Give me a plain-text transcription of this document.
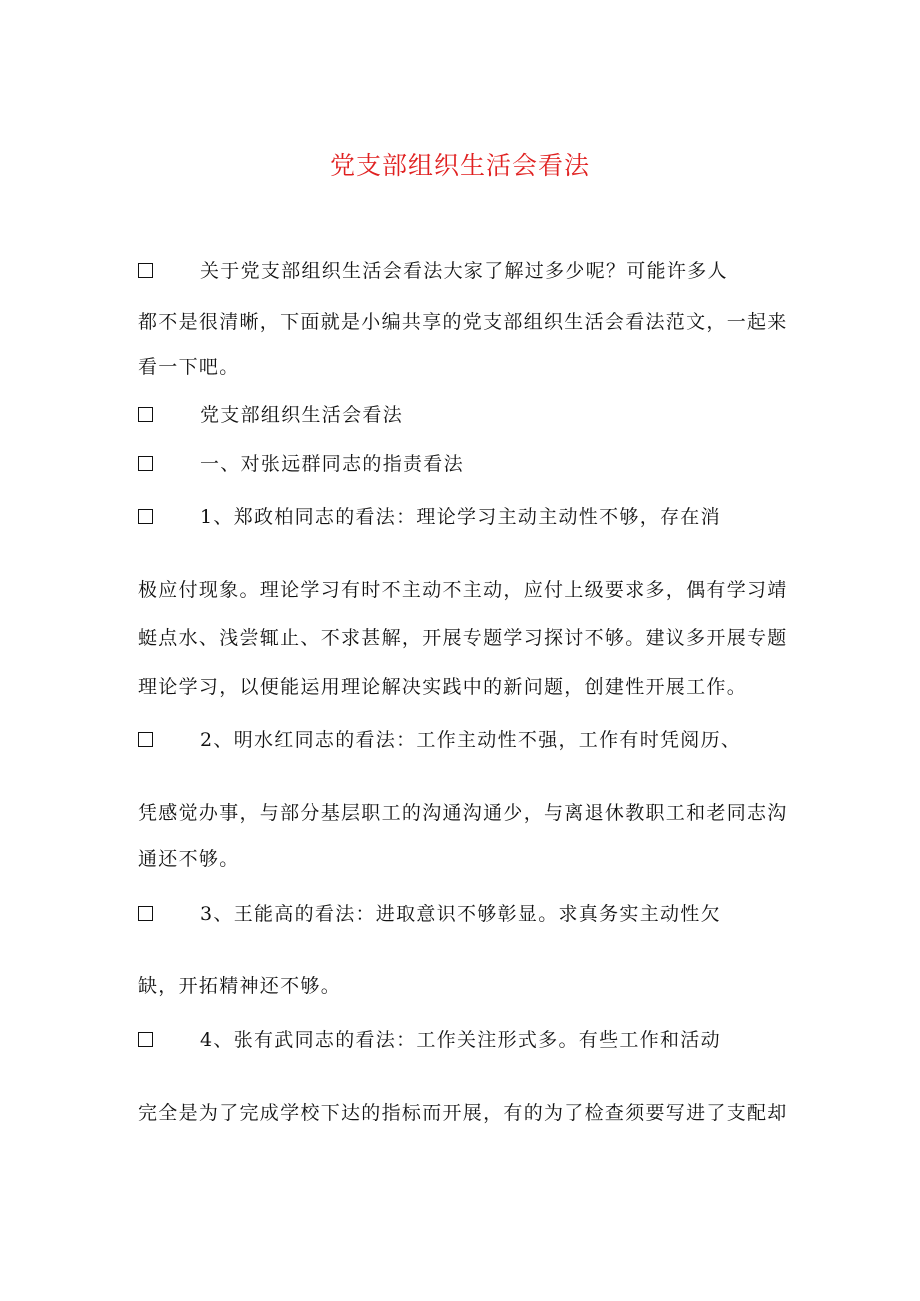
党支部组织生活会看法
关于党支部组织生活会看法大家了解过多少呢？可能许多人
都不是很清晰，下面就是小编共享的党支部组织生活会看法范文，一起来
看一下吧。
党支部组织生活会看法
一、对张远群同志的指责看法
1、郑政柏同志的看法：理论学习主动主动性不够，存在消
极应付现象。理论学习有时不主动不主动，应付上级要求多，偶有学习靖
蜓点水、浅尝辄止、不求甚解，开展专题学习探讨不够。建议多开展专题
理论学习，以便能运用理论解决实践中的新问题，创建性开展工作。
2、明水红同志的看法：工作主动性不强，工作有时凭阅历、
凭感觉办事，与部分基层职工的沟通沟通少，与离退休教职工和老同志沟
通还不够。
3、王能高的看法：进取意识不够彰显。求真务实主动性欠
缺，开拓精神还不够。
4、张有武同志的看法：工作关注形式多。有些工作和活动
完全是为了完成学校下达的指标而开展，有的为了检查须要写进了支配却
